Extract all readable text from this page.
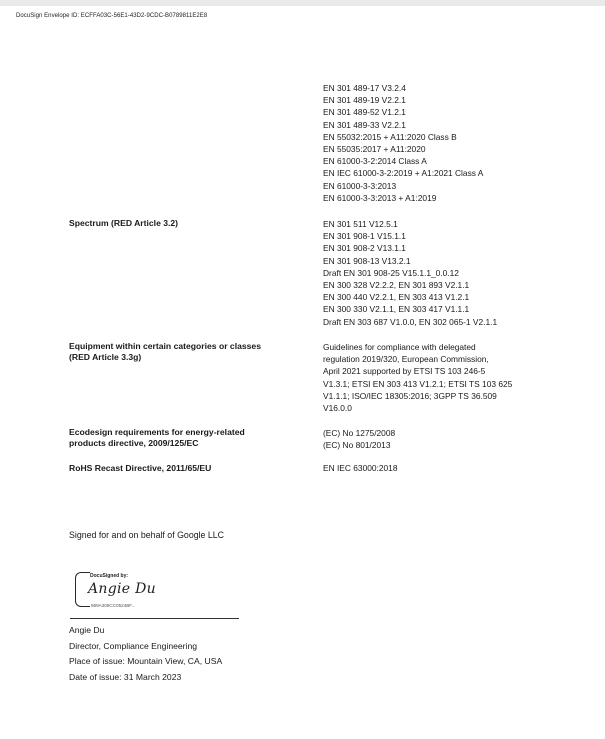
DocuSign Envelope ID: ECFFA03C-56E1-43D2-9CDC-B0789811E2E8
EN 301 489-17 V3.2.4
EN 301 489-19 V2.2.1
EN 301 489-52 V1.2.1
EN 301 489-33 V2.2.1
EN 55032:2015 + A11:2020 Class B
EN 55035:2017 + A11:2020
EN 61000-3-2:2014 Class A
EN IEC 61000-3-2:2019 + A1:2021 Class A
EN 61000-3-3:2013
EN 61000-3-3:2013 + A1:2019
Spectrum (RED Article 3.2)	EN 301 511 V12.5.1
EN 301 908-1 V15.1.1
EN 301 908-2 V13.1.1
EN 301 908-13 V13.2.1
Draft EN 301 908-25 V15.1.1_0.0.12
EN 300 328 V2.2.2, EN 301 893 V2.1.1
EN 300 440 V2.2.1, EN 303 413 V1.2.1
EN 300 330 V2.1.1, EN 303 417 V1.1.1
Draft EN 303 687 V1.0.0, EN 302 065-1 V2.1.1
Equipment within certain categories or classes
(RED Article 3.3g)
Guidelines for compliance with delegated
regulation 2019/320, European Commission,
April 2021 supported by ETSI TS 103 246-5
V1.3.1; ETSI EN 303 413 V1.2.1; ETSI TS 103 625
V1.1.1; ISO/IEC 18305:2016; 3GPP TS 36.509
V16.0.0
Ecodesign requirements for energy-related
products directive, 2009/125/EC
(EC) No 1275/2008
(EC) No 801/2013
RoHS Recast Directive, 2011/65/EU	EN IEC 63000:2018
Signed for and on behalf of Google LLC
DocuSigned by:
Angie Du
989A308CC0524BF...
Angie Du
Director, Compliance Engineering
Place of issue: Mountain View, CA, USA
Date of issue: 31 March 2023
